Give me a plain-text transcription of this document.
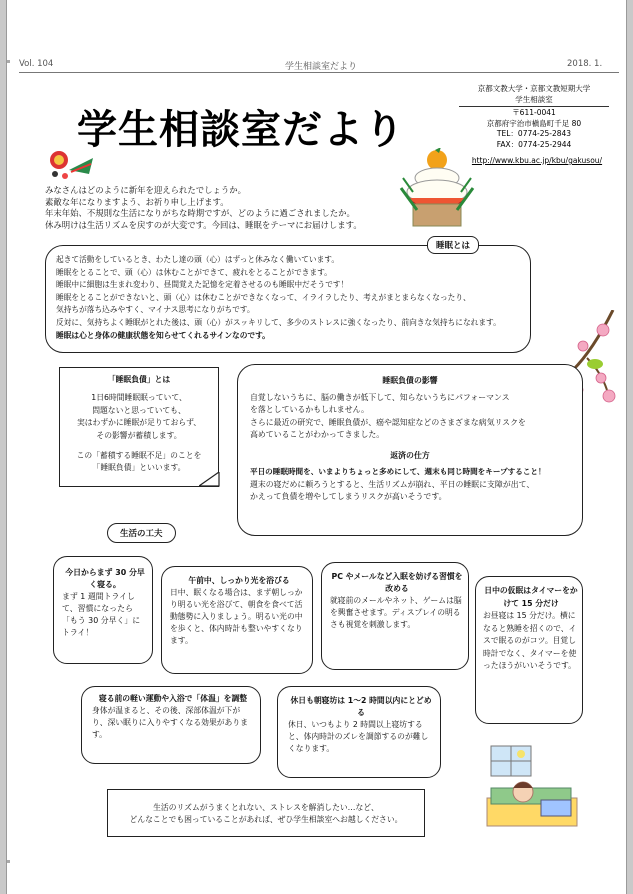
Vol. 104	学生相談室だより	2018. 1.
学生相談室だより
京都文教大学・京都文教短期大学
学生相談室
〒611-0041
京都府宇治市槇島町千足 80
TEL：0774-25-2843
FAX：0774-25-2944
http://www.kbu.ac.jp/kbu/gakusou/
みなさんはどのように新年を迎えられたでしょうか。
素敵な年になりますよう、お祈り申し上げます。
年末年始、不規則な生活になりがちな時期ですが、どのように過ごされましたか。
休み明けは生活リズムを戻すのが大変です。今回は、睡眠をテーマにお届けします。
起きて活動をしているとき、わたし達の頭（心）はずっと休みなく働いています。
睡眠をとることで、頭（心）は休むことができて、疲れをとることができます。
睡眠中に細胞は生まれ変わり、昼間覚えた記憶を定着させるのも睡眠中だそうです！
睡眠をとることができないと、頭（心）は休むことができなくなって、イライラしたり、考えがまとまらなくなったり、
気持ちが落ち込みやすく、マイナス思考になりがちです。
反対に、気持ちよく睡眠がとれた後は、頭（心）がスッキリして、多少のストレスに強くなったり、前向きな気持ちになれます。
睡眠は心と身体の健康状態を知らせてくれるサインなのです。
睡眠とは
「睡眠負債」とは
1日6時間睡眠眠っていて、
問題ないと思っていても、
実はわずかに睡眠が足りておらず、
その影響が蓄積します。
この「蓄積する睡眠不足」のことを
「睡眠負債」といいます。
睡眠負債の影響
自覚しないうちに、脳の働きが低下して、知らないうちにパフォーマンス
を落としているかもしれません。
さらに最近の研究で、睡眠負債が、癌や認知症などのさまざまな病気リスクを
高めていることがわかってきました。
返済の仕方
平日の睡眠時間を、いまよりちょっと多めにして、週末も同じ時間をキープすること！
週末の寝だめに頼ろうとすると、生活リズムが崩れ、平日の睡眠に支障が出て、
かえって負債を増やしてしまうリスクが高いそうです。
生活の工夫
今日からまず 30 分早く寝る。
まず 1 週間トライして、習慣になったら「もう 30 分早く」にトライ！
午前中、しっかり光を浴びる
日中、眠くなる場合は、まず朝しっかり明るい光を浴びて、朝食を食べて活動態勢に入りましょう。明るい光の中を歩くと、体内時計も整いやすくなります。
PC やメールなど入眠を妨げる習慣を改める
就寝前のメールやネット、ゲームは脳を興奮させます。ディスプレイの明るさも視覚を刺激します。
日中の仮眠はタイマーをかけて 15 分だけ
お昼寝は 15 分だけ。横になると熟睡を招くので、イスで眠るのがコツ。目覚し時計でなく、タイマーを使ったほうがいいそうです。
寝る前の軽い運動や入浴で「体温」を調整
身体が温まると、その後、深部体温が下がり、深い眠りに入りやすくなる効果があります。
休日も朝寝坊は 1～2 時間以内にとどめる
休日、いつもより 2 時間以上寝坊すると、体内時計のズレを調節するのが難しくなります。
生活のリズムがうまくとれない、ストレスを解消したい…など、
どんなことでも困っていることがあれば、ぜひ学生相談室へお越しください。
